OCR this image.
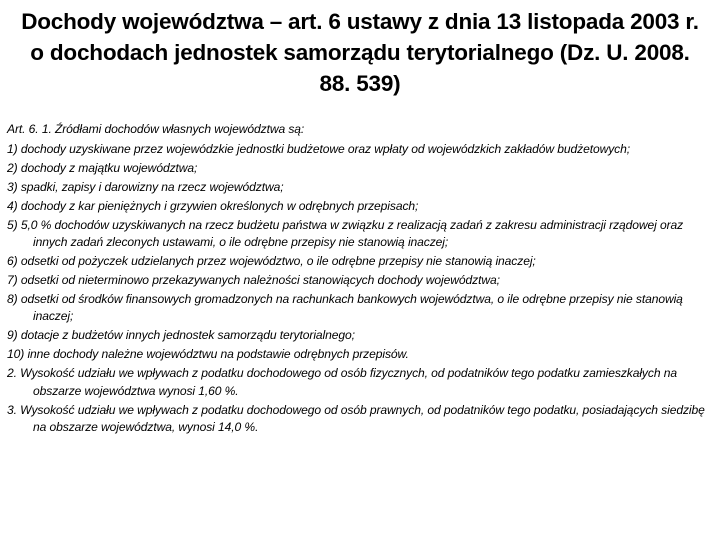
Dochody województwa – art. 6 ustawy z dnia 13 listopada 2003 r. o dochodach jednostek samorządu terytorialnego (Dz. U. 2008. 88. 539)
Art. 6. 1. Źródłami dochodów własnych województwa są:
1) dochody uzyskiwane przez wojewódzkie jednostki budżetowe oraz wpłaty od wojewódzkich zakładów budżetowych;
2) dochody z majątku województwa;
3) spadki, zapisy i darowizny na rzecz województwa;
4) dochody z kar pieniężnych i grzywien określonych w odrębnych przepisach;
5) 5,0 % dochodów uzyskiwanych na rzecz budżetu państwa w związku z realizacją zadań z zakresu administracji rządowej oraz innych zadań zleconych ustawami, o ile odrębne przepisy nie stanowią inaczej;
6) odsetki od pożyczek udzielanych przez województwo, o ile odrębne przepisy nie stanowią inaczej;
7) odsetki od nieterminowo przekazywanych należności stanowiących dochody województwa;
8) odsetki od środków finansowych gromadzonych na rachunkach bankowych województwa, o ile odrębne przepisy nie stanowią inaczej;
9) dotacje z budżetów innych jednostek samorządu terytorialnego;
10) inne dochody należne województwu na podstawie odrębnych przepisów.
2. Wysokość udziału we wpływach z podatku dochodowego od osób fizycznych, od podatników tego podatku zamieszkałych na obszarze województwa wynosi 1,60 %.
3. Wysokość udziału we wpływach z podatku dochodowego od osób prawnych, od podatników tego podatku, posiadających siedzibę na obszarze województwa, wynosi 14,0 %.
